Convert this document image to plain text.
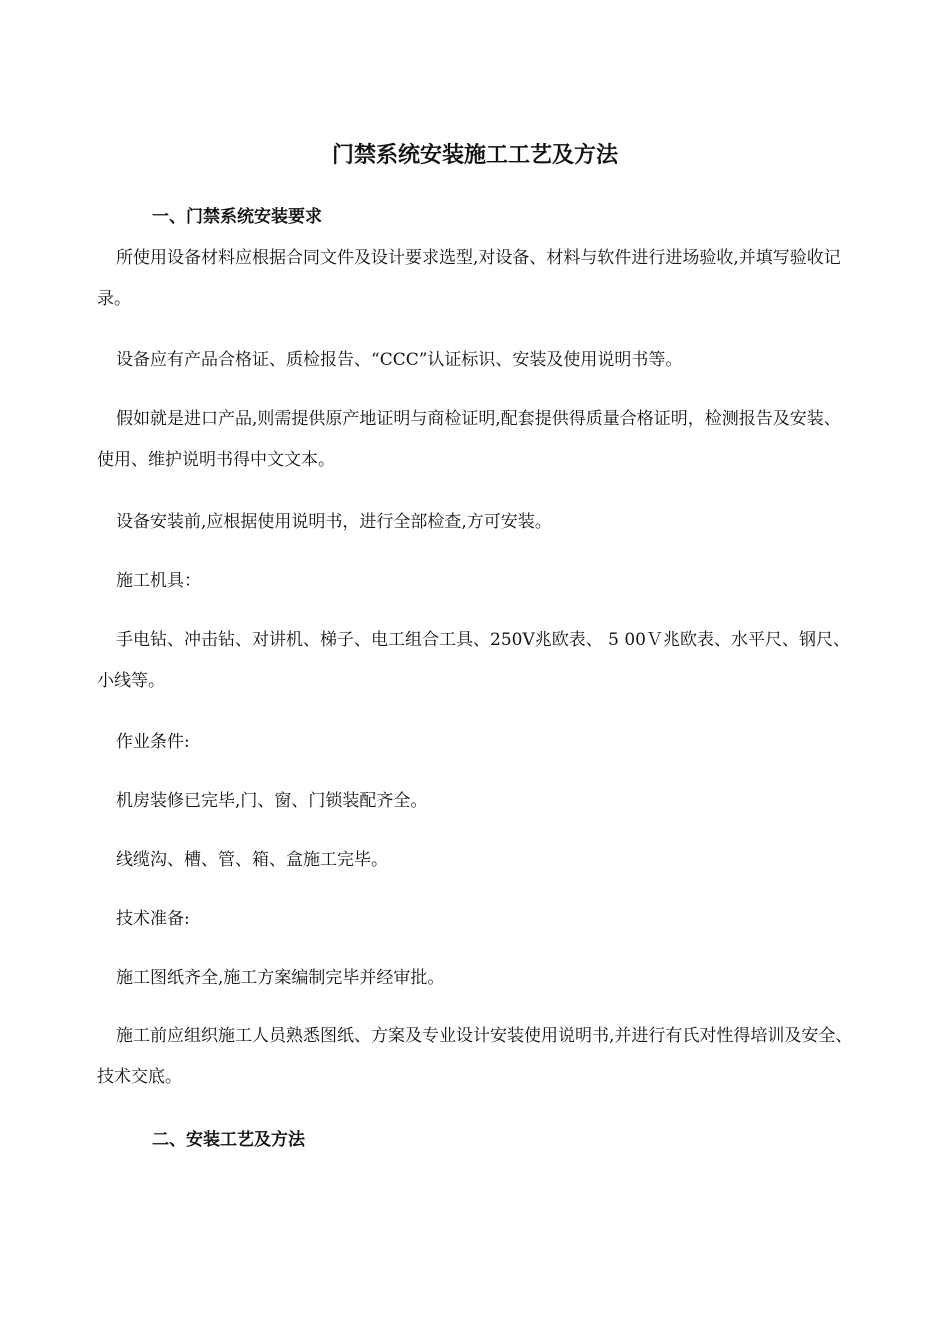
门禁系统安装施工工艺及方法
一、门禁系统安装要求

所使用设备材料应根据合同文件及设计要求选型,对设备、材料与软件进行进场验收,并填写验收记录。

设备应有产品合格证、质检报告、“CCC”认证标识、安装及使用说明书等。

假如就是进口产品,则需提供原产地证明与商检证明,配套提供得质量合格证明，检测报告及安装、使用、维护说明书得中文文本。

设备安装前,应根据使用说明书，进行全部检查,方可安装。

施工机具：

手电钻、冲击钻、对讲机、梯子、电工组合工具、250V兆欧表、 5 00Ｖ兆欧表、水平尺、钢尺、小线等。

作业条件:

机房装修已完毕,门、窗、门锁装配齐全。

线缆沟、槽、管、箱、盒施工完毕。

技术准备:

施工图纸齐全,施工方案编制完毕并经审批。

施工前应组织施工人员熟悉图纸、方案及专业设计安装使用说明书,并进行有氏对性得培训及安全、技术交底。

二、安装工艺及方法
